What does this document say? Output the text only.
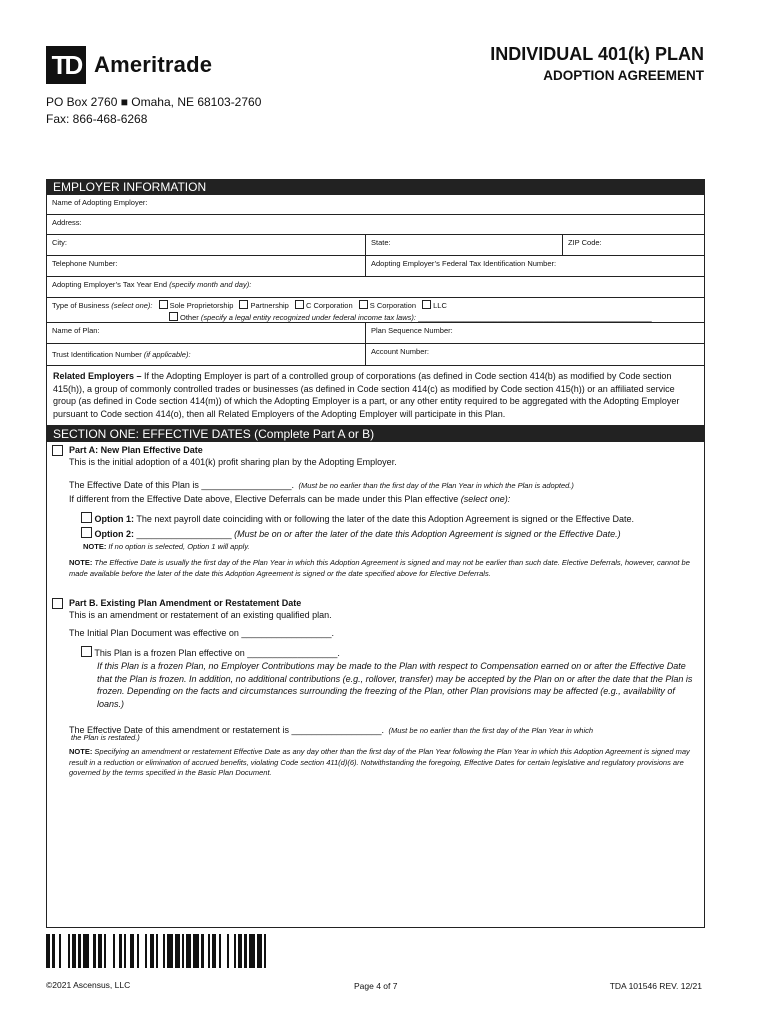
TD Ameritrade	INDIVIDUAL 401(k) PLAN
ADOPTION AGREEMENT
PO Box 2760 ■ Omaha, NE 68103-2760
Fax: 866-468-6268
EMPLOYER INFORMATION
Name of Adopting Employer:
Address:
City:	State:	ZIP Code:
Telephone Number:	Adopting Employer’s Federal Tax Identification Number:
Adopting Employer’s Tax Year End (specify month and day):
Type of Business (select one): Sole Proprietorship Partnership C Corporation S Corporation LLC
Other (specify a legal entity recognized under federal income tax laws): ________________________________________________________
Name of Plan:	Plan Sequence Number:
Trust Identification Number (if applicable):	Account Number:
Related Employers – If the Adopting Employer is part of a controlled group of corporations (as defined in Code section 414(b) as modified by Code section 415(h)), a group of commonly controlled trades or businesses (as defined in Code section 414(c) as modified by Code section 415(h)) or an affiliated service group (as defined in Code section 414(m)) of which the Adopting Employer is a part, or any other entity required to be aggregated with the Adopting Employer pursuant to Code section 414(o), then all Related Employers of the Adopting Employer will participate in this Plan.
SECTION ONE: EFFECTIVE DATES (Complete Part A or B)
Part A: New Plan Effective Date
This is the initial adoption of a 401(k) profit sharing plan by the Adopting Employer.
The Effective Date of this Plan is __________________. (Must be no earlier than the first day of the Plan Year in which the Plan is adopted.)
If different from the Effective Date above, Elective Deferrals can be made under this Plan effective (select one):
Option 1: The next payroll date coinciding with or following the later of the date this Adoption Agreement is signed or the Effective Date.
Option 2: ___________________ (Must be on or after the later of the date this Adoption Agreement is signed or the Effective Date.)
NOTE: If no option is selected, Option 1 will apply.
NOTE: The Effective Date is usually the first day of the Plan Year in which this Adoption Agreement is signed and may not be earlier than such date. Elective Deferrals, however, cannot be made available before the later of the date this Adoption Agreement is signed or the date specified above for Elective Deferrals.
Part B. Existing Plan Amendment or Restatement Date
This is an amendment or restatement of an existing qualified plan.
The Initial Plan Document was effective on __________________.
This Plan is a frozen Plan effective on __________________.
If this Plan is a frozen Plan, no Employer Contributions may be made to the Plan with respect to Compensation earned on or after the Effective Date that the Plan is frozen. In addition, no additional contributions (e.g., rollover, transfer) may be accepted by the Plan on or after the date that the Plan is frozen. Depending on the facts and circumstances surrounding the freezing of the Plan, other Plan provisions may be affected (e.g., availability of loans.)
The Effective Date of this amendment or restatement is __________________. (Must be no earlier than the first day of the Plan Year in which
the Plan is restated.)
NOTE: Specifying an amendment or restatement Effective Date as any day other than the first day of the Plan Year following the Plan Year in which this Adoption Agreement is signed may result in a reduction or elimination of accrued benefits, violating Code section 411(d)(6). Notwithstanding the foregoing, Effective Dates for certain legislative and regulatory provisions are governed by the terms specified in the Basic Plan Document.
©2021 Ascensus, LLC	Page 4 of 7	TDA 101546 REV. 12/21
